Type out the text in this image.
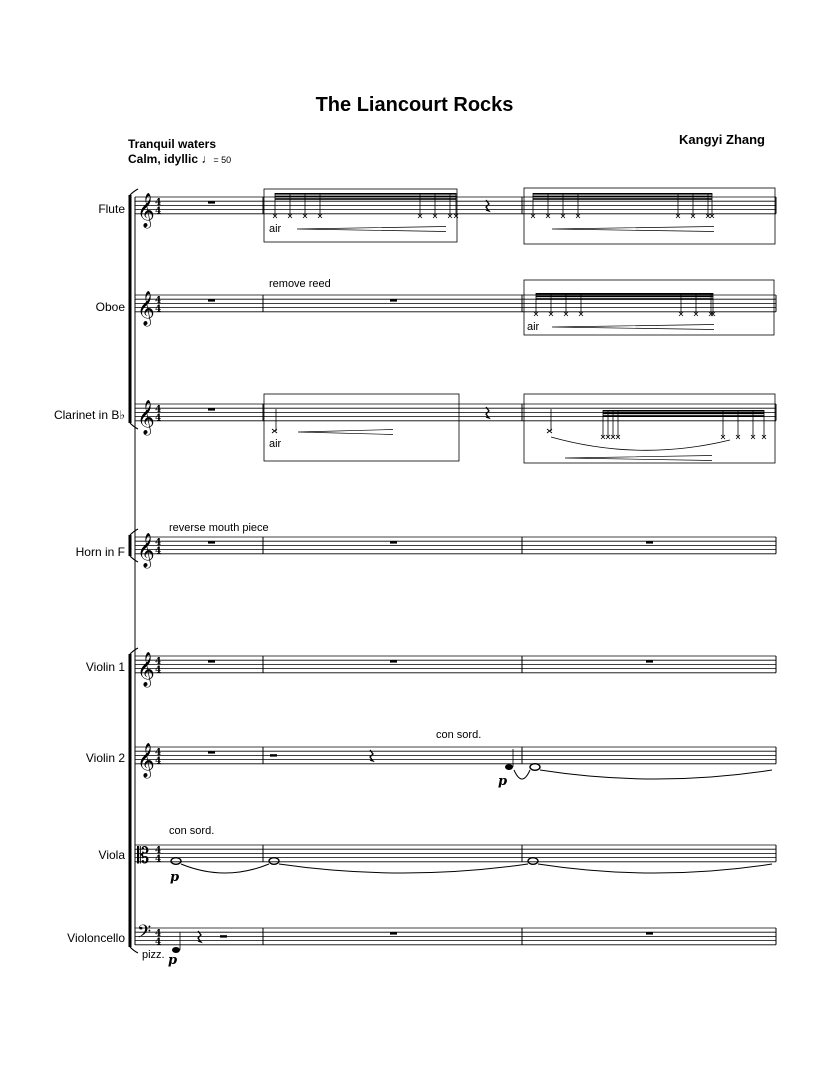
The Liancourt Rocks
Kangyi Zhang
Tranquil waters
Calm, idyllic ♩= 50
Flute
Oboe
Clarinet in B♭
Horn in F
Violin 1
Violin 2
Viola
Violoncello
air
remove reed
air
air
reverse mouth piece
con sord.
con sord.
pizz.
p
p
p
𝄞 4
4
𝄞 4
4
𝄞 4
4
𝄞 4
4
𝄞 4
4
𝄞 4
4
𝄡 4
4
𝄢 4
4
